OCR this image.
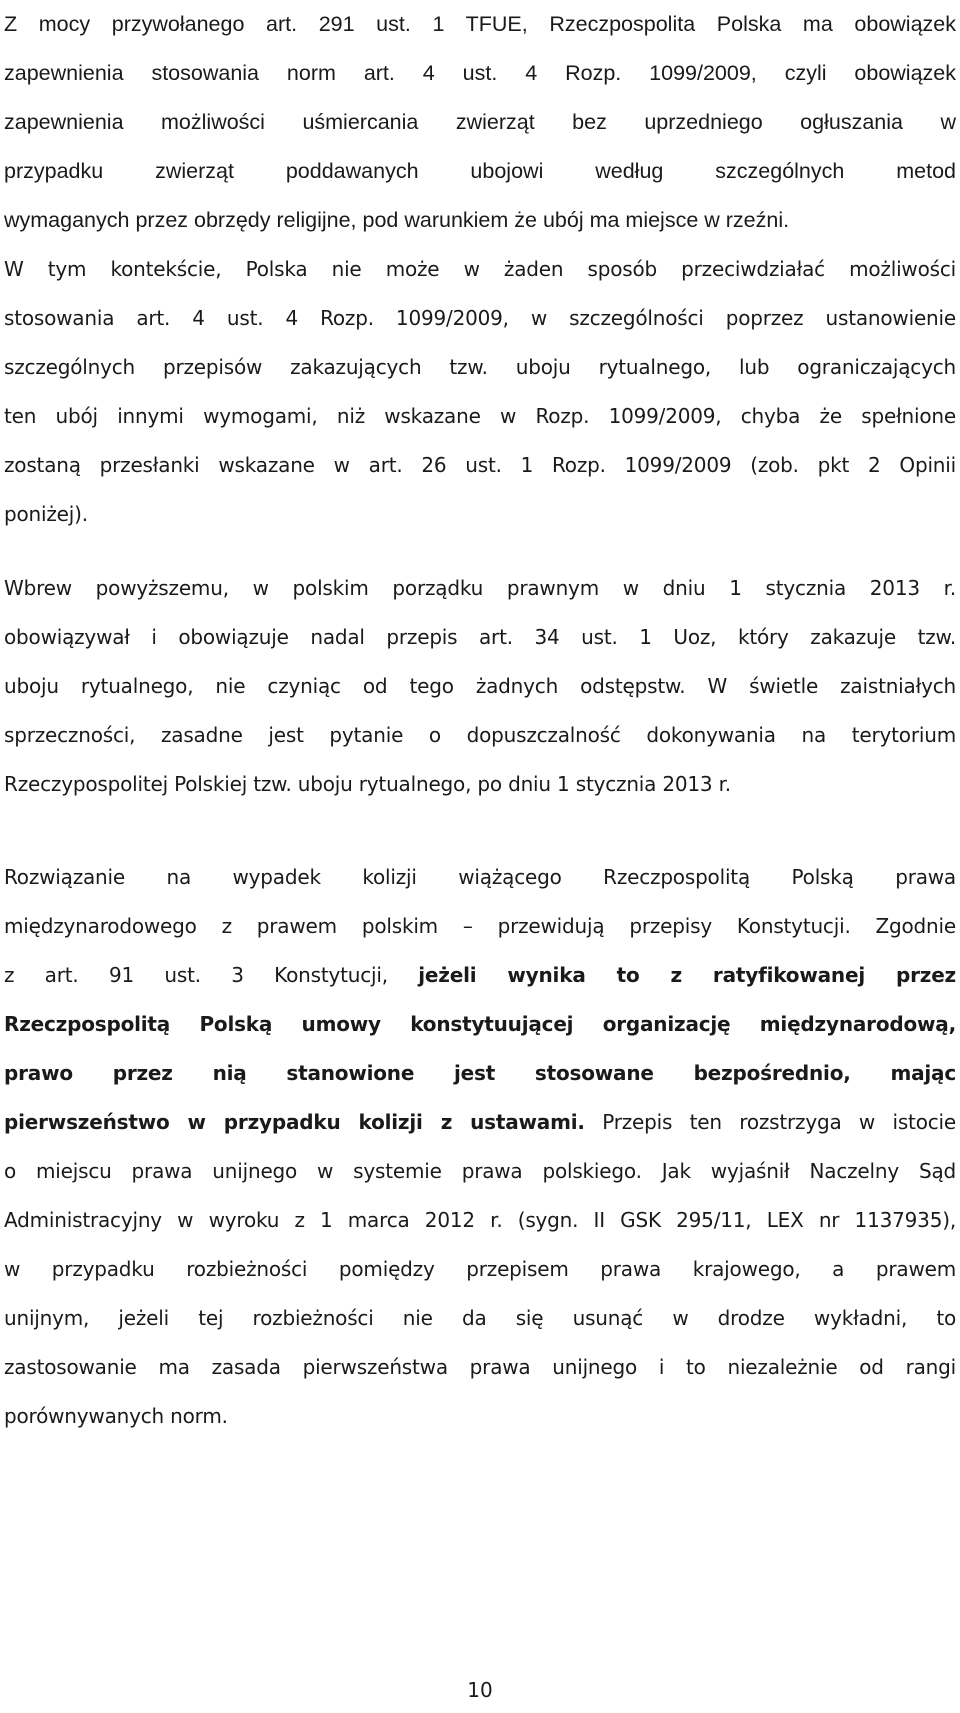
Z mocy przywołanego art. 291 ust. 1 TFUE, Rzeczpospolita Polska ma obowiązek
zapewnienia stosowania norm art. 4 ust. 4 Rozp. 1099/2009, czyli obowiązek
zapewnienia możliwości uśmiercania zwierząt bez uprzedniego ogłuszania w
przypadku zwierząt poddawanych ubojowi według szczególnych metod
wymaganych przez obrzędy religijne, pod warunkiem że ubój ma miejsce w rzeźni.
W tym kontekście, Polska nie może w żaden sposób przeciwdziałać możliwości
stosowania art. 4 ust. 4 Rozp. 1099/2009, w szczególności poprzez ustanowienie
szczególnych przepisów zakazujących tzw. uboju rytualnego, lub ograniczających
ten ubój innymi wymogami, niż wskazane w Rozp. 1099/2009, chyba że spełnione
zostaną przesłanki wskazane w art. 26 ust. 1 Rozp. 1099/2009 (zob. pkt 2 Opinii
poniżej).
Wbrew powyższemu, w polskim porządku prawnym w dniu 1 stycznia 2013 r.
obowiązywał i obowiązuje nadal przepis art. 34 ust. 1 Uoz, który zakazuje tzw.
uboju rytualnego, nie czyniąc od tego żadnych odstępstw. W świetle zaistniałych
sprzeczności, zasadne jest pytanie o dopuszczalność dokonywania na terytorium
Rzeczypospolitej Polskiej tzw. uboju rytualnego, po dniu 1 stycznia 2013 r.
Rozwiązanie na wypadek kolizji wiążącego Rzeczpospolitą Polską prawa
międzynarodowego z prawem polskim – przewidują przepisy Konstytucji. Zgodnie
z art. 91 ust. 3 Konstytucji, jeżeli wynika to z ratyfikowanej przez
Rzeczpospolitą Polską umowy konstytuującej organizację międzynarodową,
prawo przez nią stanowione jest stosowane bezpośrednio, mając
pierwszeństwo w przypadku kolizji z ustawami. Przepis ten rozstrzyga w istocie
o miejscu prawa unijnego w systemie prawa polskiego. Jak wyjaśnił Naczelny Sąd
Administracyjny w wyroku z 1 marca 2012 r. (sygn. II GSK 295/11, LEX nr 1137935),
w przypadku rozbieżności pomiędzy przepisem prawa krajowego, a prawem
unijnym, jeżeli tej rozbieżności nie da się usunąć w drodze wykładni, to
zastosowanie ma zasada pierwszeństwa prawa unijnego i to niezależnie od rangi
porównywanych norm.
10
